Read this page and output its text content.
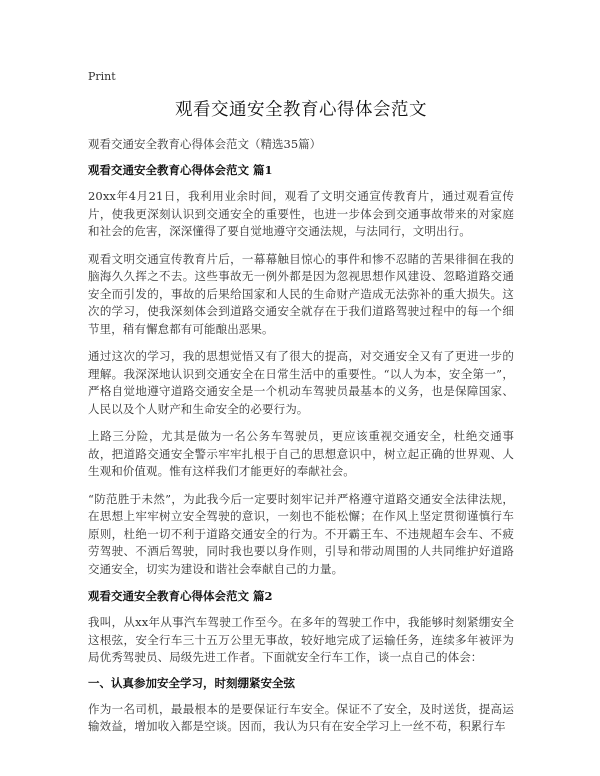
Print
观看交通安全教育心得体会范文

观看交通安全教育心得体会范文（精选35篇）

观看交通安全教育心得体会范文 篇1

20xx年4月21日，我利用业余时间，观看了文明交通宣传教育片，通过观看宣传片，使我更深刻认识到交通安全的重要性，也进一步体会到交通事故带来的对家庭和社会的危害，深深懂得了要自觉地遵守交通法规，与法同行，文明出行。

观看文明交通宣传教育片后，一幕幕触目惊心的事件和惨不忍睹的苦果徘徊在我的脑海久久挥之不去。这些事故无一例外都是因为忽视思想作风建设、忽略道路交通安全而引发的，事故的后果给国家和人民的生命财产造成无法弥补的重大损失。这次的学习，使我深刻体会到道路交通安全就存在于我们道路驾驶过程中的每一个细节里，稍有懈怠都有可能酿出恶果。

通过这次的学习，我的思想觉悟又有了很大的提高，对交通安全又有了更进一步的理解。我深深地认识到交通安全在日常生活中的重要性。“以人为本，安全第一”，严格自觉地遵守道路交通安全是一个机动车驾驶员最基本的义务，也是保障国家、人民以及个人财产和生命安全的必要行为。

上路三分险，尤其是做为一名公务车驾驶员，更应该重视交通安全，杜绝交通事故，把道路交通安全警示牢牢扎根于自己的思想意识中，树立起正确的世界观、人生观和价值观。惟有这样我们才能更好的奉献社会。

“防范胜于未然”，为此我今后一定要时刻牢记并严格遵守道路交通安全法律法规，在思想上牢牢树立安全驾驶的意识，一刻也不能松懈；在作风上坚定贯彻谨慎行车原则，杜绝一切不利于道路交通安全的行为。不开霸王车、不违规超车会车、不疲劳驾驶、不酒后驾驶，同时我也要以身作则，引导和带动周围的人共同维护好道路交通安全，切实为建设和谐社会奉献自己的力量。

观看交通安全教育心得体会范文 篇2

我叫，从xx年从事汽车驾驶工作至今。在多年的驾驶工作中，我能够时刻紧绷安全这根弦，安全行车三十五万公里无事故，较好地完成了运输任务，连续多年被评为局优秀驾驶员、局级先进工作者。下面就安全行车工作，谈一点自己的体会：

一、认真参加安全学习，时刻绷紧安全弦

作为一名司机，最最根本的是要保证行车安全。保证不了安全，及时送货，提高运输效益，增加收入都是空谈。因而，我认为只有在安全学习上一丝不苟，积累行车
